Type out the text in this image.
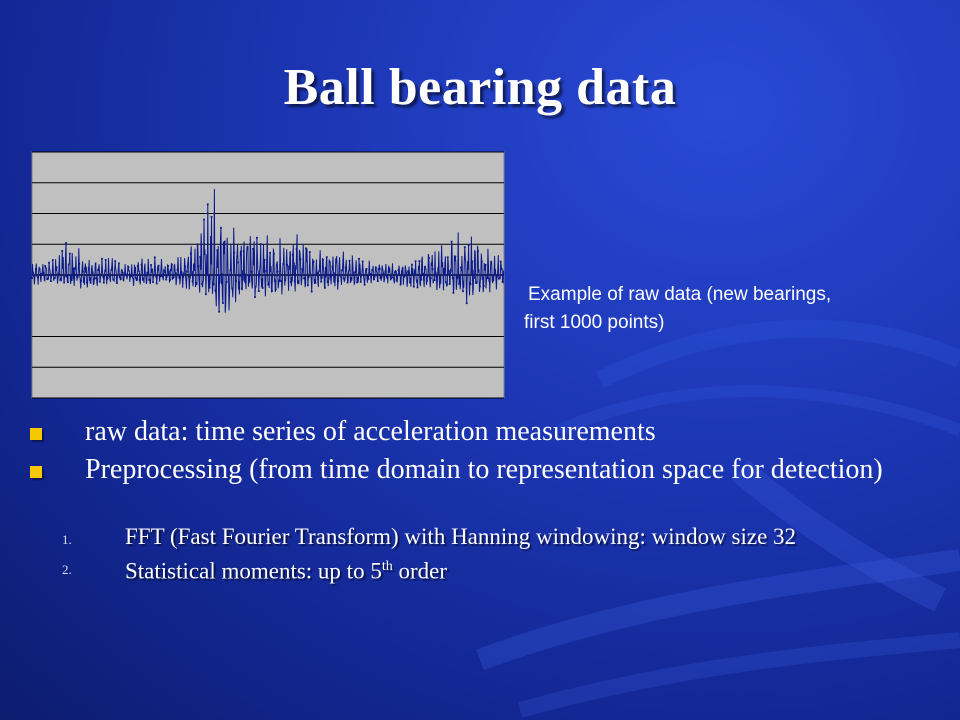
Ball bearing data
-40
-30
-20
0
10
20
30
40
Example of raw data (new bearings,
first 1000 points)
raw data: time series of acceleration measurements
Preprocessing (from time domain to representation space for detection)
1. FFT (Fast Fourier Transform) with Hanning windowing: window size 32
2. Statistical moments: up to 5th order
